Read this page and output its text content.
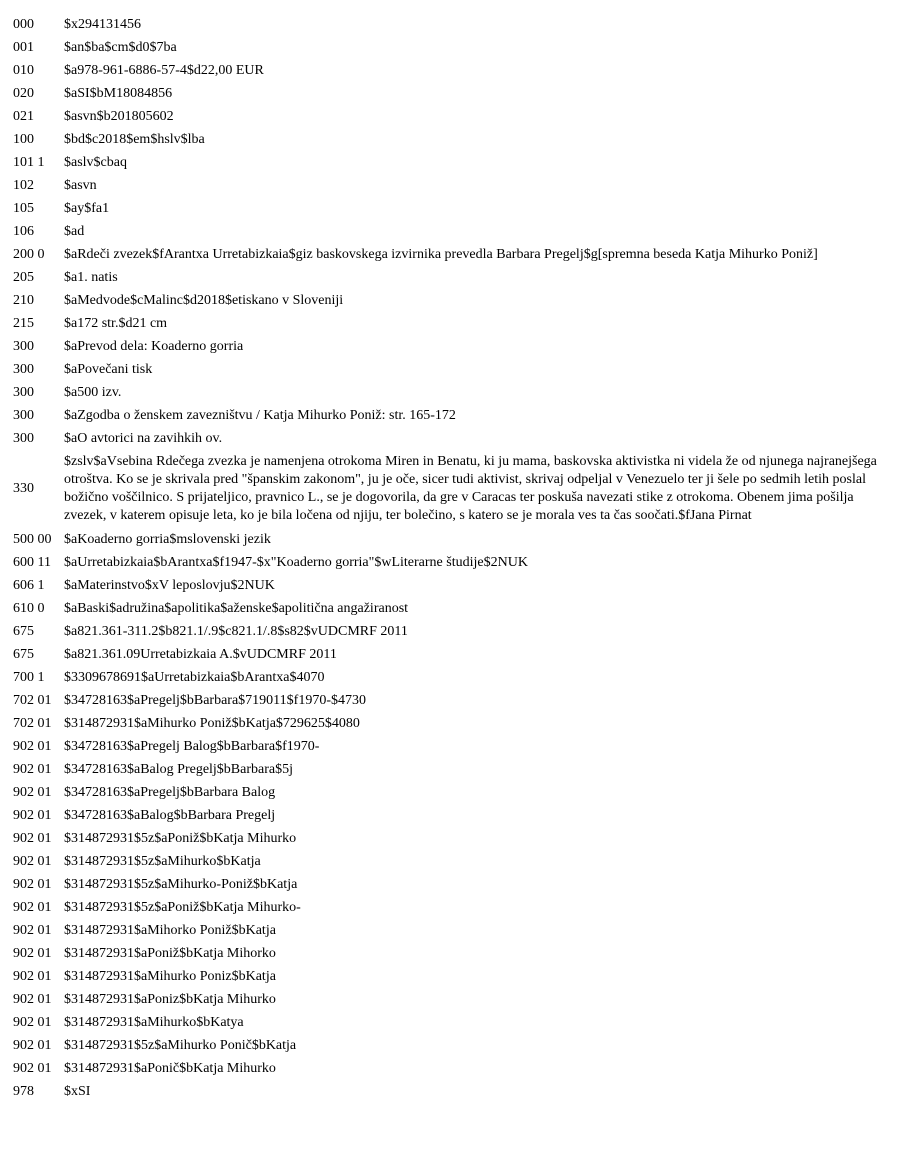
000	$x294131456
001	$an$ba$cm$d0$7ba
010	$a978-961-6886-57-4$d22,00 EUR
020	$aSI$bM18084856
021	$asvn$b201805602
100	$bd$c2018$em$hslv$lba
101 1	$aslv$cbaq
102	$asvn
105	$ay$fa1
106	$ad
200 0	$aRdeči zvezek$fArantxa Urretabizkaia$giz baskovskega izvirnika prevedla Barbara Pregelj$g[spremna beseda Katja Mihurko Poniž]
205	$a1. natis
210	$aMedvode$cMalinc$d2018$etiskano v Sloveniji
215	$a172 str.$d21 cm
300	$aPrevod dela: Koaderno gorria
300	$aPovečani tisk
300	$a500 izv.
300	$aZgodba o ženskem zavezništvu / Katja Mihurko Poniž: str. 165-172
300	$aO avtorici na zavihkih ov.
330	$zslv$aVsebina Rdečega zvezka je namenjena otrokoma Miren in Benatu, ki ju mama, baskovska aktivistka ni videla že od njunega najranejšega otroštva. Ko se je skrivala pred "španskim zakonom", ju je oče, sicer tudi aktivist, skrivaj odpeljal v Venezuelo ter ji šele po sedmih letih poslal božično voščilnico. S prijateljico, pravnico L., se je dogovorila, da gre v Caracas ter poskuša navezati stike z otrokoma. Obenem jima pošilja zvezek, v katerem opisuje leta, ko je bila ločena od njiju, ter bolečino, s katero se je morala ves ta čas soočati.$fJana Pirnat
500 00	$aKoaderno gorria$mslovenski jezik
600 11	$aUrretabizkaia$bArantxa$f1947-$x"Koaderno gorria"$wLiterarne študije$2NUK
606 1	$aMaterinstvo$xV leposlovju$2NUK
610 0	$aBaski$adružina$apolitika$aženske$apolitična angažiranost
675	$a821.361-311.2$b821.1/.9$c821.1/.8$s82$vUDCMRF 2011
675	$a821.361.09Urretabizkaia A.$vUDCMRF 2011
700 1	$3309678691$aUrretabizkaia$bArantxa$4070
702 01	$34728163$aPregelj$bBarbara$719011$f1970-$4730
702 01	$314872931$aMihurko Poniž$bKatja$729625$4080
902 01	$34728163$aPregelj Balog$bBarbara$f1970-
902 01	$34728163$aBalog Pregelj$bBarbara$5j
902 01	$34728163$aPregelj$bBarbara Balog
902 01	$34728163$aBalog$bBarbara Pregelj
902 01	$314872931$5z$aPoniž$bKatja Mihurko
902 01	$314872931$5z$aMihurko$bKatja
902 01	$314872931$5z$aMihurko-Poniž$bKatja
902 01	$314872931$5z$aPoniž$bKatja Mihurko-
902 01	$314872931$aMihorko Poniž$bKatja
902 01	$314872931$aPoniž$bKatja Mihorko
902 01	$314872931$aMihurko Poniz$bKatja
902 01	$314872931$aPoniz$bKatja Mihurko
902 01	$314872931$aMihurko$bKatya
902 01	$314872931$5z$aMihurko Ponič$bKatja
902 01	$314872931$aPonič$bKatja Mihurko
978	$xSI
